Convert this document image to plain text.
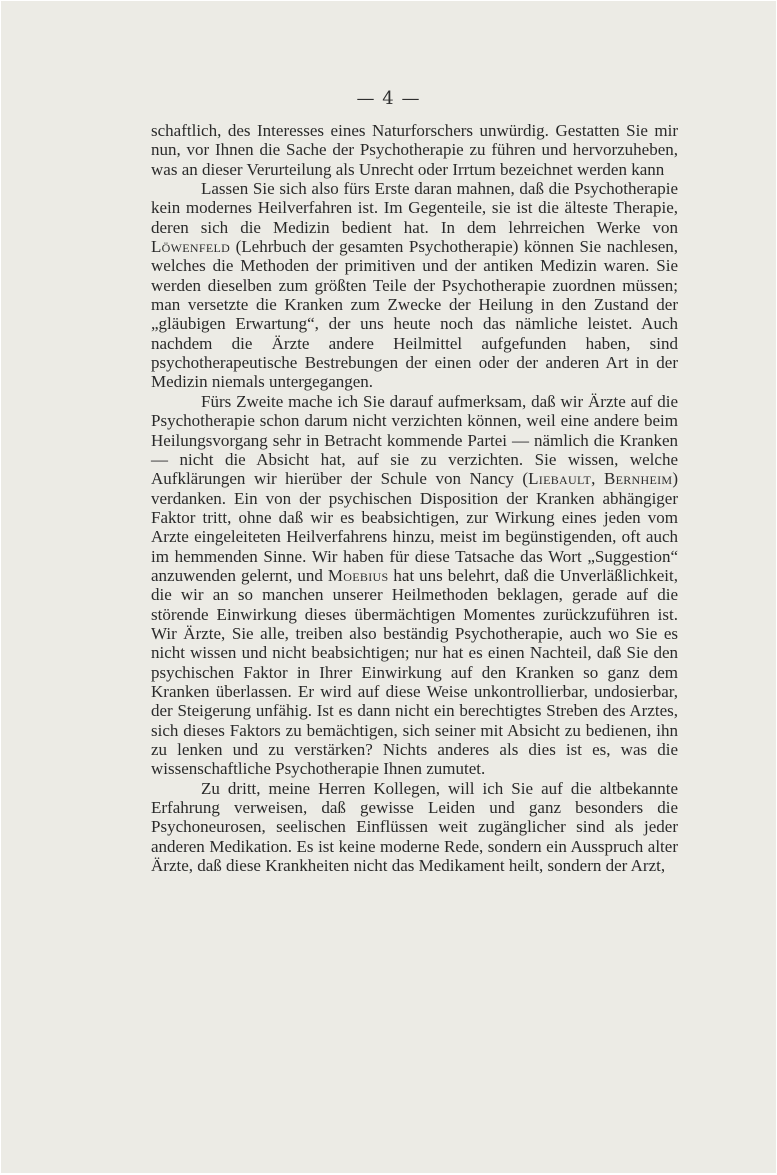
— 4 —

schaftlich, des Interesses eines Naturforschers unwürdig. Gestatten Sie mir nun, vor Ihnen die Sache der Psychotherapie zu führen und hervorzuheben, was an dieser Verurteilung als Unrecht oder Irrtum bezeichnet werden kann

Lassen Sie sich also fürs Erste daran mahnen, daß die Psychotherapie kein modernes Heilverfahren ist. Im Gegenteile, sie ist die älteste Therapie, deren sich die Medizin bedient hat. In dem lehrreichen Werke von Löwenfeld (Lehrbuch der gesamten Psychotherapie) können Sie nachlesen, welches die Methoden der primitiven und der antiken Medizin waren. Sie werden dieselben zum größten Teile der Psychotherapie zuordnen müssen; man versetzte die Kranken zum Zwecke der Heilung in den Zustand der „gläubigen Erwartung“, der uns heute noch das nämliche leistet. Auch nachdem die Ärzte andere Heilmittel aufgefunden haben, sind psychotherapeutische Bestrebungen der einen oder der anderen Art in der Medizin niemals untergegangen.

Fürs Zweite mache ich Sie darauf aufmerksam, daß wir Ärzte auf die Psychotherapie schon darum nicht verzichten können, weil eine andere beim Heilungsvorgang sehr in Betracht kommende Partei — nämlich die Kranken — nicht die Absicht hat, auf sie zu verzichten. Sie wissen, welche Aufklärungen wir hierüber der Schule von Nancy (Liebault, Bernheim) verdanken. Ein von der psychischen Disposition der Kranken abhängiger Faktor tritt, ohne daß wir es beabsichtigen, zur Wirkung eines jeden vom Arzte eingeleiteten Heilverfahrens hinzu, meist im begünstigenden, oft auch im hemmenden Sinne. Wir haben für diese Tatsache das Wort „Suggestion“ anzuwenden gelernt, und Moebius hat uns belehrt, daß die Unverläßlichkeit, die wir an so manchen unserer Heilmethoden beklagen, gerade auf die störende Einwirkung dieses übermächtigen Momentes zurückzuführen ist. Wir Ärzte, Sie alle, treiben also beständig Psychotherapie, auch wo Sie es nicht wissen und nicht beabsichtigen; nur hat es einen Nachteil, daß Sie den psychischen Faktor in Ihrer Einwirkung auf den Kranken so ganz dem Kranken überlassen. Er wird auf diese Weise unkontrollierbar, undosierbar, der Steigerung unfähig. Ist es dann nicht ein berechtigtes Streben des Arztes, sich dieses Faktors zu bemächtigen, sich seiner mit Absicht zu bedienen, ihn zu lenken und zu verstärken? Nichts anderes als dies ist es, was die wissenschaftliche Psychotherapie Ihnen zumutet.

Zu dritt, meine Herren Kollegen, will ich Sie auf die altbekannte Erfahrung verweisen, daß gewisse Leiden und ganz besonders die Psychoneurosen, seelischen Einflüssen weit zugänglicher sind als jeder anderen Medikation. Es ist keine moderne Rede, sondern ein Ausspruch alter Ärzte, daß diese Krankheiten nicht das Medikament heilt, sondern der Arzt,
